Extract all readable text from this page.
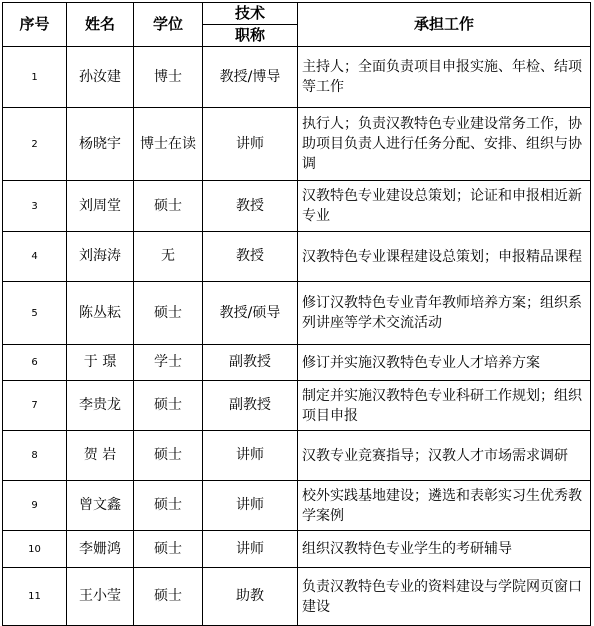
序号	姓名	学位	技术	承担工作
			职称	
1	孙汝建	博士	教授/博导	主持人；全面负责项目申报实施、年检、结项等工作
2	杨晓宇	博士在读	讲师	执行人；负责汉教特色专业建设常务工作，协助项目负责人进行任务分配、安排、组织与协调
3	刘周堂	硕士	教授	汉教特色专业建设总策划；论证和申报相近新专业
4	刘海涛	无	教授	汉教特色专业课程建设总策划；申报精品课程
5	陈丛耘	硕士	教授/硕导	修订汉教特色专业青年教师培养方案；组织系列讲座等学术交流活动
6	于 璟	学士	副教授	修订并实施汉教特色专业人才培养方案
7	李贵龙	硕士	副教授	制定并实施汉教特色专业科研工作规划；组织项目申报
8	贺 岩	硕士	讲师	汉教专业竞赛指导；汉教人才市场需求调研
9	曾文鑫	硕士	讲师	校外实践基地建设；遴选和表彰实习生优秀教学案例
10	李姗鸿	硕士	讲师	组织汉教特色专业学生的考研辅导
11	王小莹	硕士	助教	负责汉教特色专业的资料建设与学院网页窗口建设
